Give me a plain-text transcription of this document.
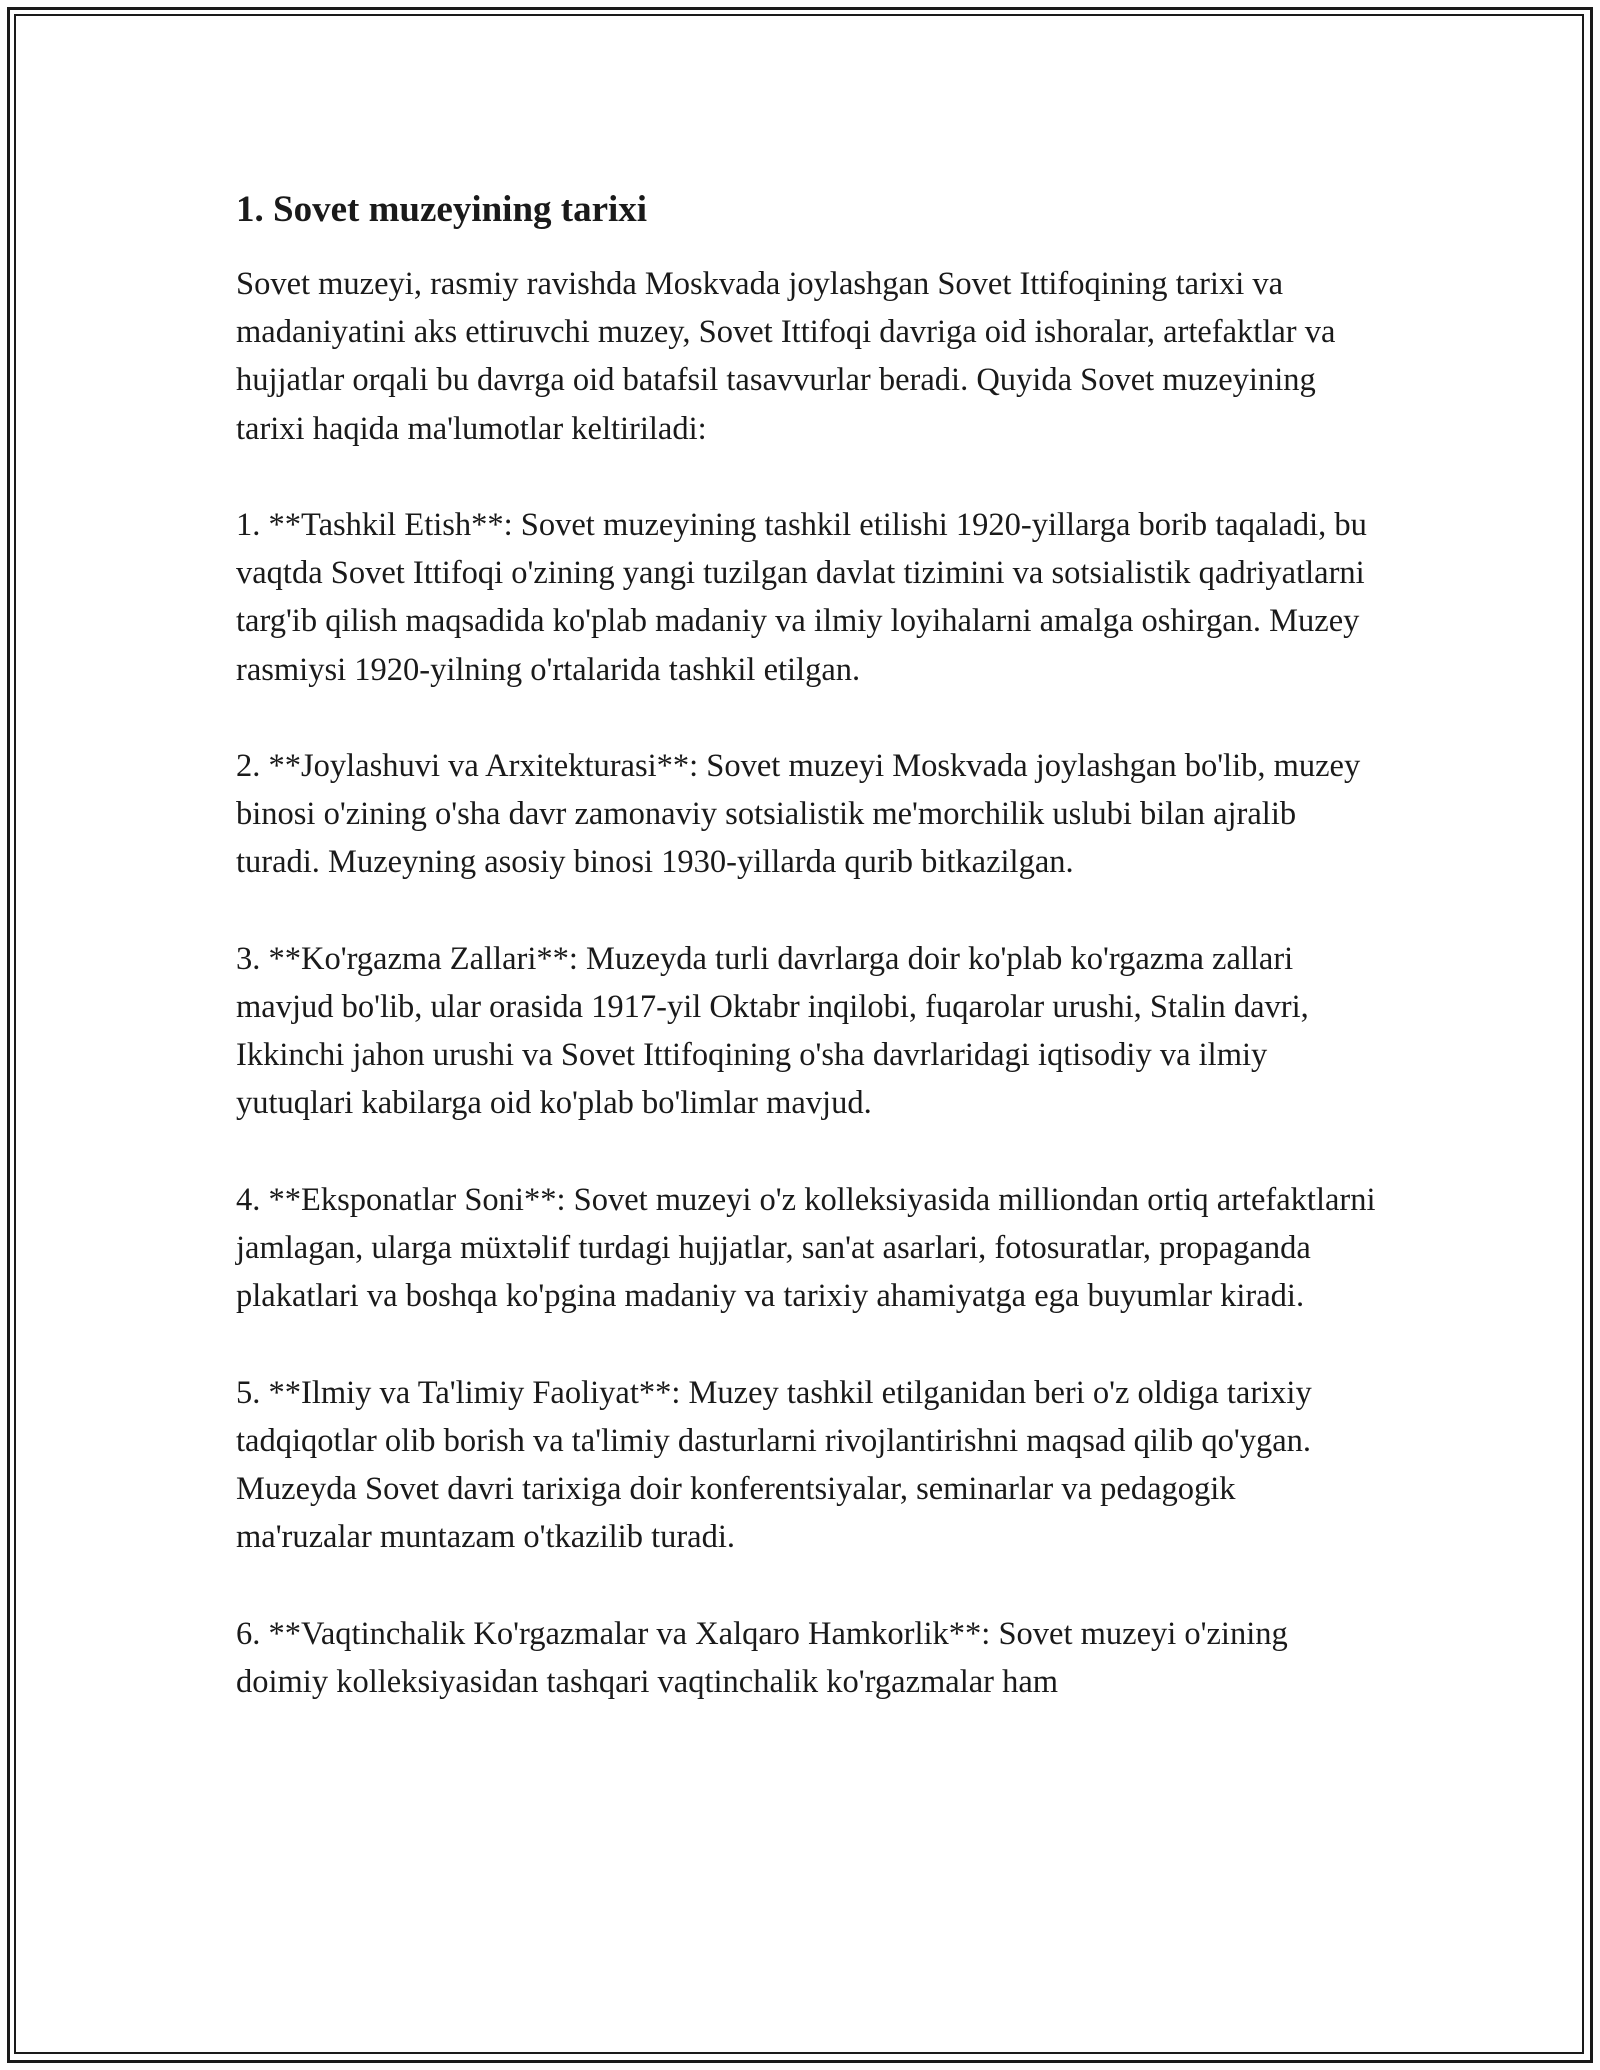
1. Sovet muzeyining tarixi

Sovet muzeyi, rasmiy ravishda Moskvada joylashgan Sovet Ittifoqining tarixi va madaniyatini aks ettiruvchi muzey, Sovet Ittifoqi davriga oid ishoralar, artefaktlar va hujjatlar orqali bu davrga oid batafsil tasavvurlar beradi. Quyida Sovet muzeyining tarixi haqida ma'lumotlar keltiriladi:

1. **Tashkil Etish**: Sovet muzeyining tashkil etilishi 1920-yillarga borib taqaladi, bu vaqtda Sovet Ittifoqi o'zining yangi tuzilgan davlat tizimini va sotsialistik qadriyatlarni targ'ib qilish maqsadida ko'plab madaniy va ilmiy loyihalarni amalga oshirgan. Muzey rasmiysi 1920-yilning o'rtalarida tashkil etilgan.

2. **Joylashuvi va Arxitekturasi**: Sovet muzeyi Moskvada joylashgan bo'lib, muzey binosi o'zining o'sha davr zamonaviy sotsialistik me'morchilik uslubi bilan ajralib turadi. Muzeyning asosiy binosi 1930-yillarda qurib bitkazilgan.

3. **Ko'rgazma Zallari**: Muzeyda turli davrlarga doir ko'plab ko'rgazma zallari mavjud bo'lib, ular orasida 1917-yil Oktabr inqilobi, fuqarolar urushi, Stalin davri, Ikkinchi jahon urushi va Sovet Ittifoqining o'sha davrlaridagi iqtisodiy va ilmiy yutuqlari kabilarga oid ko'plab bo'limlar mavjud.

4. **Eksponatlar Soni**: Sovet muzeyi o'z kolleksiyasida milliondan ortiq artefaktlarni jamlagan, ularga müxtəlif turdagi hujjatlar, san'at asarlari, fotosuratlar, propaganda plakatlari va boshqa ko'pgina madaniy va tarixiy ahamiyatga ega buyumlar kiradi.

5. **Ilmiy va Ta'limiy Faoliyat**: Muzey tashkil etilganidan beri o'z oldiga tarixiy tadqiqotlar olib borish va ta'limiy dasturlarni rivojlantirishni maqsad qilib qo'ygan. Muzeyda Sovet davri tarixiga doir konferentsiyalar, seminarlar va pedagogik ma'ruzalar muntazam o'tkazilib turadi.

6. **Vaqtinchalik Ko'rgazmalar va Xalqaro Hamkorlik**: Sovet muzeyi o'zining doimiy kolleksiyasidan tashqari vaqtinchalik ko'rgazmalar ham
